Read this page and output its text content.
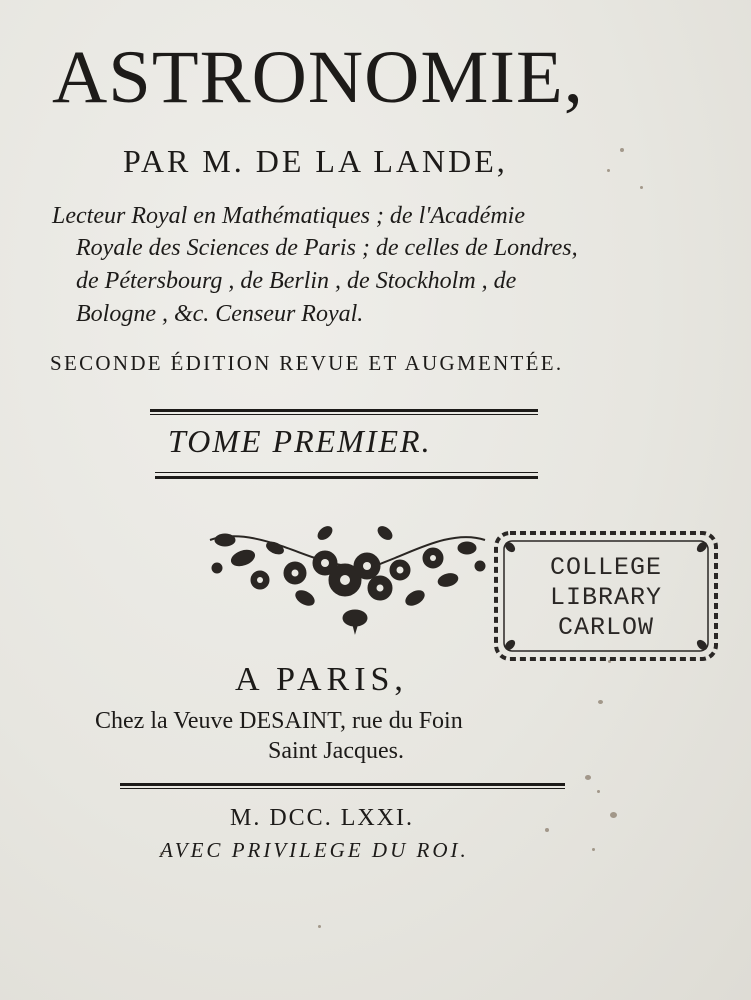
ASTRONOMIE,
PAR M. DE LA LANDE,
Lecteur Royal en Mathématiques ; de l'Académie
Royale des Sciences de Paris ; de celles de Londres,
de Pétersbourg , de Berlin , de Stockholm , de
Bologne , &c. Censeur Royal.
SECONDE ÉDITION REVUE ET AUGMENTÉE.
TOME PREMIER.
COLLEGE
LIBRARY
CARLOW
A PARIS,
Chez la Veuve DESAINT, rue du Foin
Saint Jacques.
M. DCC. LXXI.
AVEC PRIVILEGE DU ROI.
